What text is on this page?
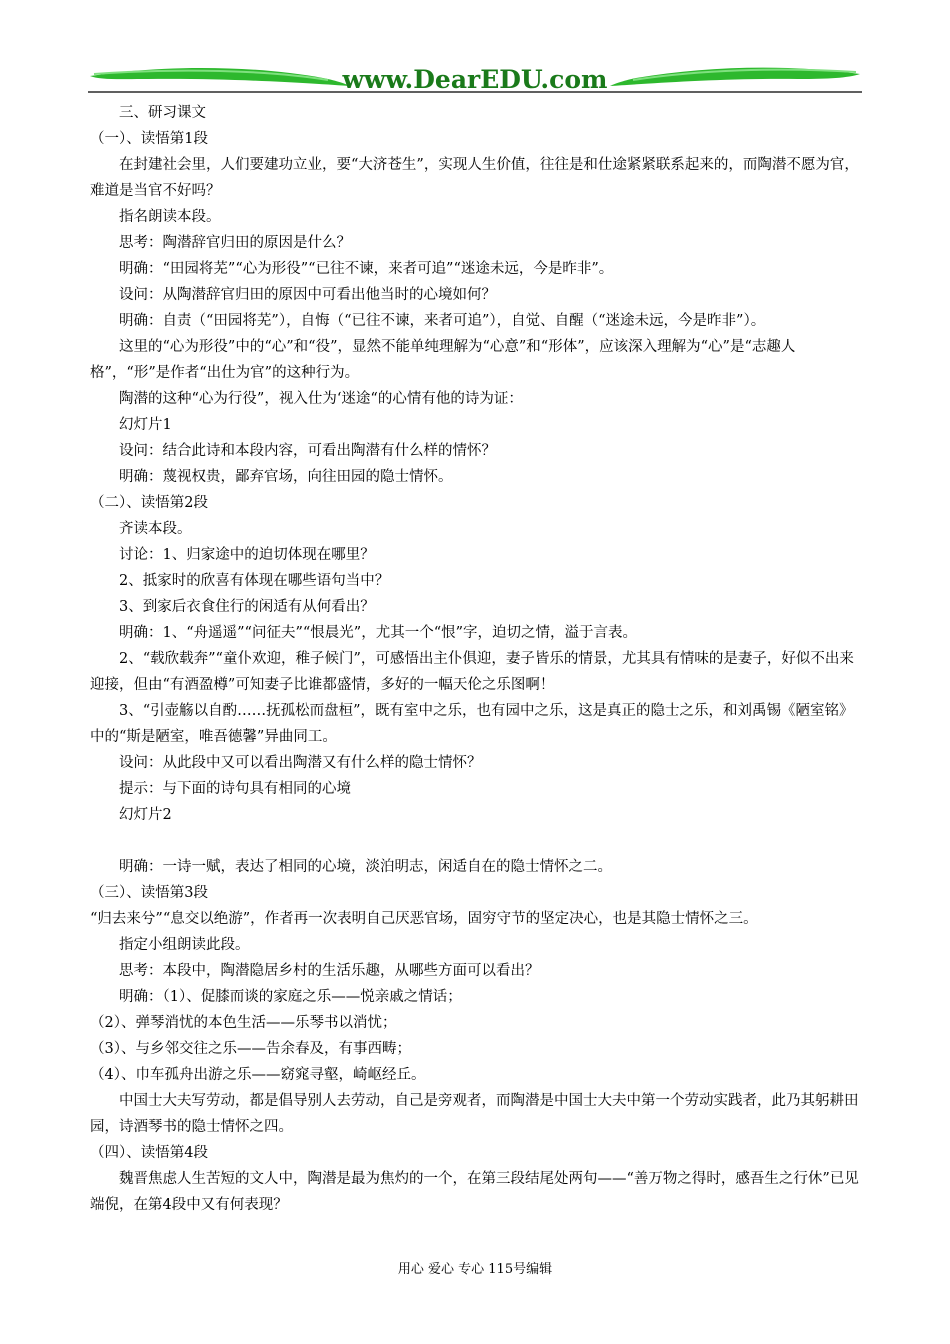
www.DearEDU.com

三、研习课文

（一）、读悟第1段

在封建社会里，人们要建功立业，要“大济苍生”，实现人生价值，往往是和仕途紧紧联系起来的，而陶潜不愿为官，难道是当官不好吗？

指名朗读本段。

思考：陶潜辞官归田的原因是什么？

明确：“田园将芜”“心为形役”“已往不谏，来者可追”“迷途未远，今是昨非”。

设问：从陶潜辞官归田的原因中可看出他当时的心境如何？

明确：自责（“田园将芜”），自悔（“已往不谏，来者可追”），自觉、自醒（“迷途未远，今是昨非”）。

这里的“心为形役”中的“心”和“役”，显然不能单纯理解为“心意”和“形体”，应该深入理解为“心”是“志趣人格”，“形”是作者“出仕为官”的这种行为。

陶潜的这种“心为行役”，视入仕为‘迷途“的心情有他的诗为证：

幻灯片1

设问：结合此诗和本段内容，可看出陶潜有什么样的情怀？

明确：蔑视权贵，鄙弃官场，向往田园的隐士情怀。

（二）、读悟第2段

齐读本段。

讨论：1、归家途中的迫切体现在哪里？

2、抵家时的欣喜有体现在哪些语句当中？

3、到家后衣食住行的闲适有从何看出？

明确：1、“舟遥遥”“问征夫”“恨晨光”，尤其一个“恨”字，迫切之情，溢于言表。

2、“载欣载奔”“童仆欢迎，稚子候门”，可感悟出主仆俱迎，妻子皆乐的情景，尤其具有情味的是妻子，好似不出来迎接，但由“有酒盈樽”可知妻子比谁都盛情，多好的一幅天伦之乐图啊！

3、“引壶觞以自酌……抚孤松而盘桓”，既有室中之乐，也有园中之乐，这是真正的隐士之乐，和刘禹锡《陋室铭》中的“斯是陋室，唯吾德馨”异曲同工。

设问：从此段中又可以看出陶潜又有什么样的隐士情怀？

提示：与下面的诗句具有相同的心境

幻灯片2

明确：一诗一赋，表达了相同的心境，淡泊明志，闲适自在的隐士情怀之二。

（三）、读悟第3段

“归去来兮”“息交以绝游”，作者再一次表明自己厌恶官场，固穷守节的坚定决心，也是其隐士情怀之三。

指定小组朗读此段。

思考：本段中，陶潜隐居乡村的生活乐趣，从哪些方面可以看出？

明确：（1）、促膝而谈的家庭之乐——悦亲戚之情话；

（2）、弹琴消忧的本色生活——乐琴书以消忧；

（3）、与乡邻交往之乐——告余春及，有事西畴；

（4）、巾车孤舟出游之乐——窈窕寻壑，崎岖经丘。

中国士大夫写劳动，都是倡导别人去劳动，自己是旁观者，而陶潜是中国士大夫中第一个劳动实践者，此乃其躬耕田园，诗酒琴书的隐士情怀之四。

（四）、读悟第4段

魏晋焦虑人生苦短的文人中，陶潜是最为焦灼的一个，在第三段结尾处两句——“善万物之得时，感吾生之行休”已见端倪，在第4段中又有何表现？

用心 爱心 专心 115号编辑
